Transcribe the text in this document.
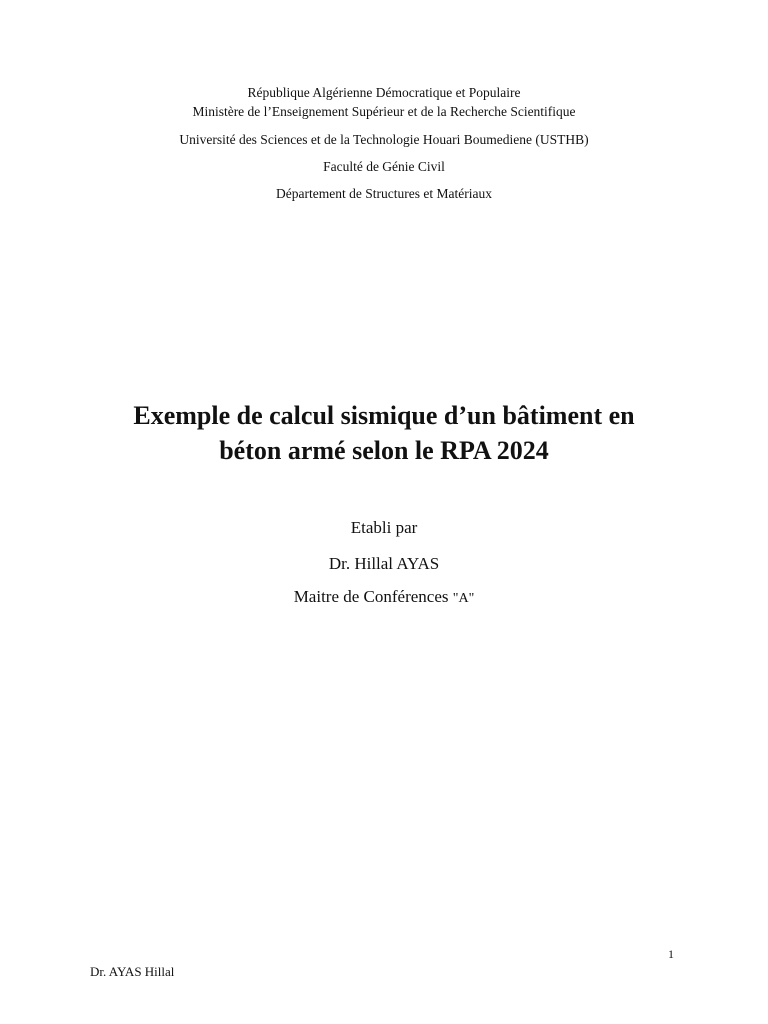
République Algérienne Démocratique et Populaire
Ministère de l’Enseignement Supérieur et de la Recherche Scientifique
Université des Sciences et de la Technologie Houari Boumediene (USTHB)
Faculté de Génie Civil
Département de Structures et Matériaux
Exemple de calcul sismique d’un bâtiment en
béton armé selon le RPA 2024
Etabli par
Dr. Hillal AYAS
Maitre de Conférences "A"
1
Dr. AYAS Hillal
